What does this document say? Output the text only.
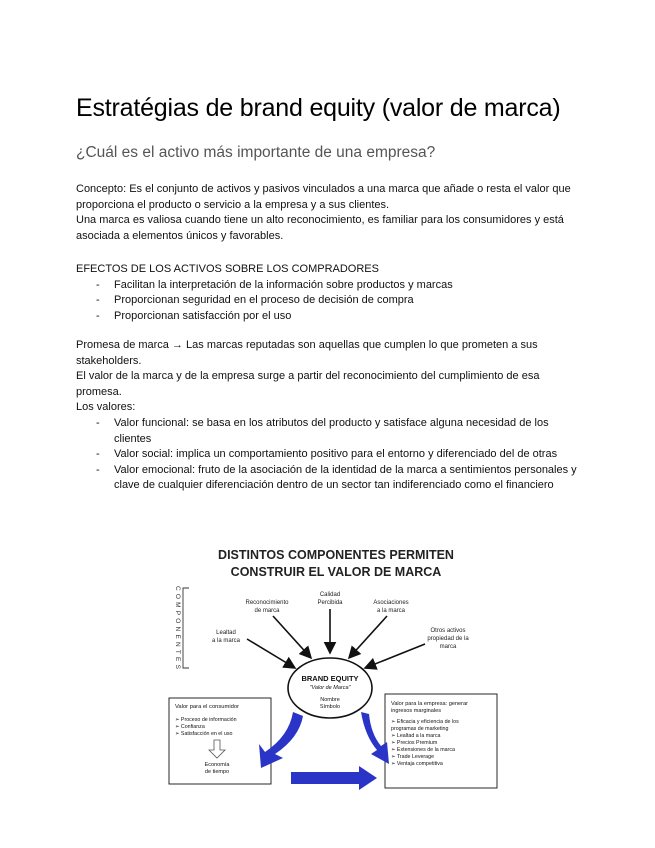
Estratégias de brand equity (valor de marca)

¿Cuál es el activo más importante de una empresa?

Concepto: Es el conjunto de activos y pasivos vinculados a una marca que añade o resta el valor que proporciona el producto o servicio a la empresa y a sus clientes.

Una marca es valiosa cuando tiene un alto reconocimiento, es familiar para los consumidores y está asociada a elementos únicos y favorables.

EFECTOS DE LOS ACTIVOS SOBRE LOS COMPRADORES

- Facilitan la interpretación de la información sobre productos y marcas
- Proporcionan seguridad en el proceso de decisión de compra
- Proporcionan satisfacción por el uso

Promesa de marca → Las marcas reputadas son aquellas que cumplen lo que prometen a sus stakeholders.

El valor de la marca y de la empresa surge a partir del reconocimiento del cumplimiento de esa promesa.

Los valores:

- Valor funcional: se basa en los atributos del producto y satisface alguna necesidad de los clientes
- Valor social: implica un comportamiento positivo para el entorno y diferenciado del de otras
- Valor emocional: fruto de la asociación de la identidad de la marca a sentimientos personales y clave de cualquier diferenciación dentro de un sector tan indiferenciado como el financiero
DISTINTOS COMPONENTES PERMITEN
CONSTRUIR EL VALOR DE MARCA
COMPONENTES	Lealtad
a la marca
Reconocimiento
de marca
Calidad
Percibida	Asociaciones
a la marca
Otros activos
propiedad de la
marca
BRAND EQUITY
"Valor de Marca"
Nombre
Símbolo
Valor para el consumidor
➢ Proceso de información
➢ Confianza
➢ Satisfacción en el uso
Economía
de tiempo
Valor para la empresa: generar
ingresos marginales
➢ Eficacia y eficiencia de los
programas de marketing
➢ Lealtad a la marca
➢ Precios Premium
➢ Extensiones de la marca
➢ Trade Leverage
➢ Ventaja competitiva
